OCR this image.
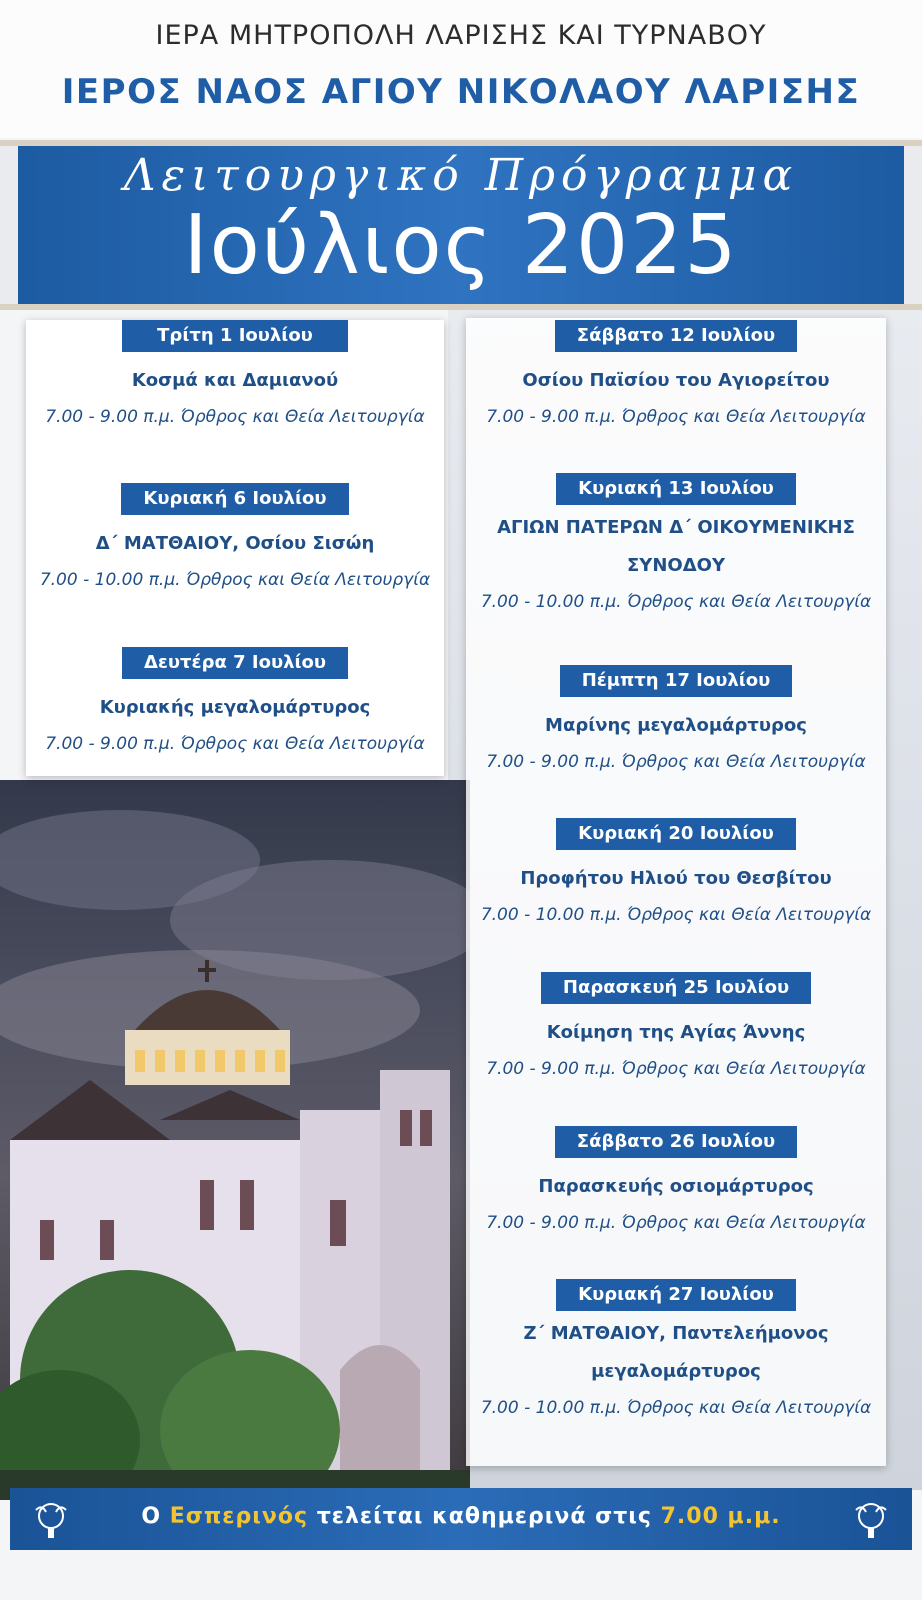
ΙΕΡΑ ΜΗΤΡΟΠΟΛΗ ΛΑΡΙΣΗΣ ΚΑΙ ΤΥΡΝΑΒΟΥ
ΙΕΡΟΣ ΝΑΟΣ ΑΓΙΟΥ ΝΙΚΟΛΑΟΥ ΛΑΡΙΣΗΣ
Λειτουργικό Πρόγραμμα
Ιούλιος 2025
Τρίτη 1 Ιουλίου
Κοσμά και Δαμιανού
7.00 - 9.00 π.μ. Όρθρος και Θεία Λειτουργία
Κυριακή 6 Ιουλίου
Δ΄ ΜΑΤΘΑΙΟΥ, Οσίου Σισώη
7.00 - 10.00 π.μ. Όρθρος και Θεία Λειτουργία
Δευτέρα 7 Ιουλίου
Κυριακής μεγαλομάρτυρος
7.00 - 9.00 π.μ. Όρθρος και Θεία Λειτουργία
Σάββατο 12 Ιουλίου
Οσίου Παϊσίου του Αγιορείτου
7.00 - 9.00 π.μ. Όρθρος και Θεία Λειτουργία
Κυριακή 13 Ιουλίου
ΑΓΙΩΝ ΠΑΤΕΡΩΝ Δ΄ ΟΙΚΟΥΜΕΝΙΚΗΣ
ΣΥΝΟΔΟΥ
7.00 - 10.00 π.μ. Όρθρος και Θεία Λειτουργία
Πέμπτη 17 Ιουλίου
Μαρίνης μεγαλομάρτυρος
7.00 - 9.00 π.μ. Όρθρος και Θεία Λειτουργία
Κυριακή 20 Ιουλίου
Προφήτου Ηλιού του Θεσβίτου
7.00 - 10.00 π.μ. Όρθρος και Θεία Λειτουργία
Παρασκευή 25 Ιουλίου
Κοίμηση της Αγίας Άννης
7.00 - 9.00 π.μ. Όρθρος και Θεία Λειτουργία
Σάββατο 26 Ιουλίου
Παρασκευής οσιομάρτυρος
7.00 - 9.00 π.μ. Όρθρος και Θεία Λειτουργία
Κυριακή 27 Ιουλίου
Ζ΄ ΜΑΤΘΑΙΟΥ, Παντελεήμονος
μεγαλομάρτυρος
7.00 - 10.00 π.μ. Όρθρος και Θεία Λειτουργία
Ο Εσπερινός τελείται καθημερινά στις 7.00 μ.μ.
